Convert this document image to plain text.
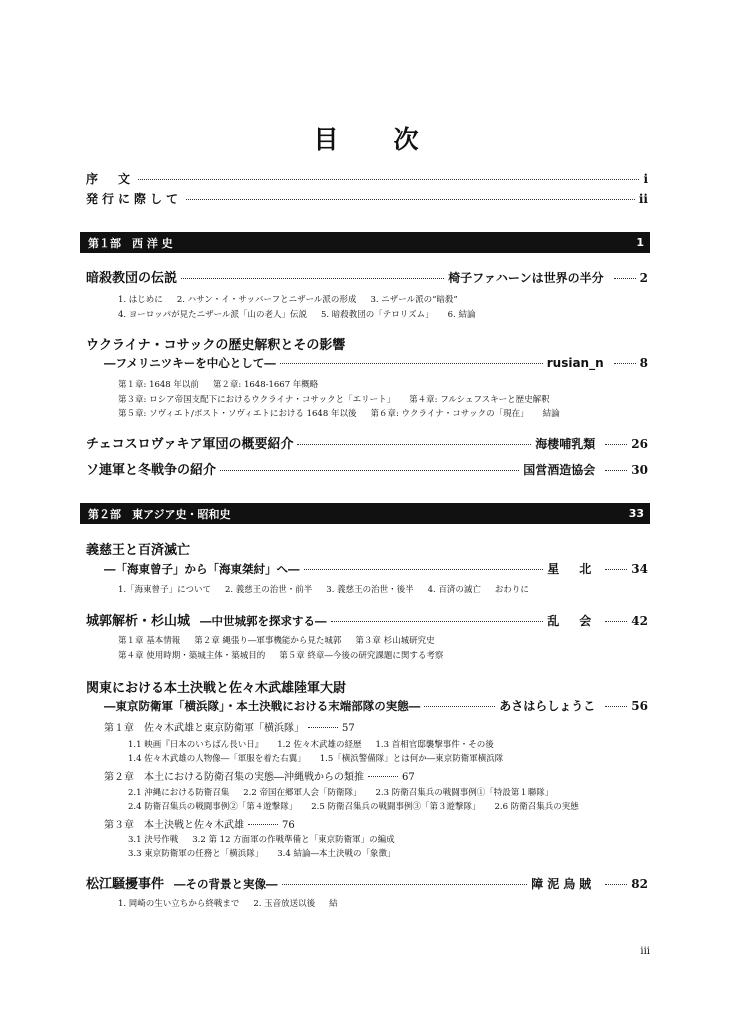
目次
序　文	i
発行に際して	ii
第１部　西 洋 史	1
暗殺教団の伝説	椅子ファハーンは世界の半分	2
1. はじめに 2. ハサン・イ・サッバーフとニザール派の形成 3. ニザール派の“暗殺”
4. ヨーロッパが見たニザール派「山の老人」伝説 5. 暗殺教団の「テロリズム」 6. 結論
ウクライナ・コサックの歴史解釈とその影響
―フメリニツキーを中心として―	rusian_n	8
第１章: 1648 年以前 第２章: 1648-1667 年概略
第３章: ロシア帝国支配下におけるウクライナ・コサックと「エリート」 第４章: フルシェフスキーと歴史解釈
第５章: ソヴィエト/ポスト・ソヴィエトにおける 1648 年以後 第６章: ウクライナ・コサックの「現在」 結論
チェコスロヴァキア軍団の概要紹介	海棲哺乳類	26
ソ連軍と冬戦争の紹介	国営酒造協会	30
第２部　東アジア史・昭和史	33
義慈王と百済滅亡
―「海東曾子」から「海東桀紂」へ―	星　北	34
1.「海東曾子」について 2. 義慈王の治世・前半 3. 義慈王の治世・後半 4. 百済の滅亡 おわりに
城郭解析・杉山城 ―中世城郭を探求する―	乱　会	42
第１章 基本情報 第２章 縄張り―軍事機能から見た城郭 第３章 杉山城研究史
第４章 使用時期・築城主体・築城目的 第５章 終章―今後の研究課題に関する考察
関東における本土決戦と佐々木武雄陸軍大尉
―東京防衛軍「横浜隊」・本土決戦における末端部隊の実態―	あさはらしょうこ	56
第１章　佐々木武雄と東京防衛軍「横浜隊」	57
1.1 映画『日本のいちばん長い日』 1.2 佐々木武雄の経歴 1.3 首相官邸襲撃事件・その後
1.4 佐々木武雄の人物像―「軍服を着た右翼」 1.5「横浜警備隊」とは何か―東京防衛軍横浜隊
第２章　本土における防衛召集の実態―沖縄戦からの類推	67
2.1 沖縄における防衛召集 2.2 帝国在郷軍人会「防衛隊」 2.3 防衛召集兵の戦闘事例①「特設第１聯隊」
2.4 防衛召集兵の戦闘事例②「第４遊撃隊」 2.5 防衛召集兵の戦闘事例③「第３遊撃隊」 2.6 防衛召集兵の実態
第３章　本土決戦と佐々木武雄	76
3.1 決号作戦 3.2 第 12 方面軍の作戦準備と「東京防衛軍」の編成
3.3 東京防衛軍の任務と「横浜隊」 3.4 結論―本土決戦の「象徴」
松江騒擾事件 ―その背景と実像―	障泥烏賊	82
1. 岡崎の生い立ちから終戦まで 2. 玉音放送以後 結
iii
